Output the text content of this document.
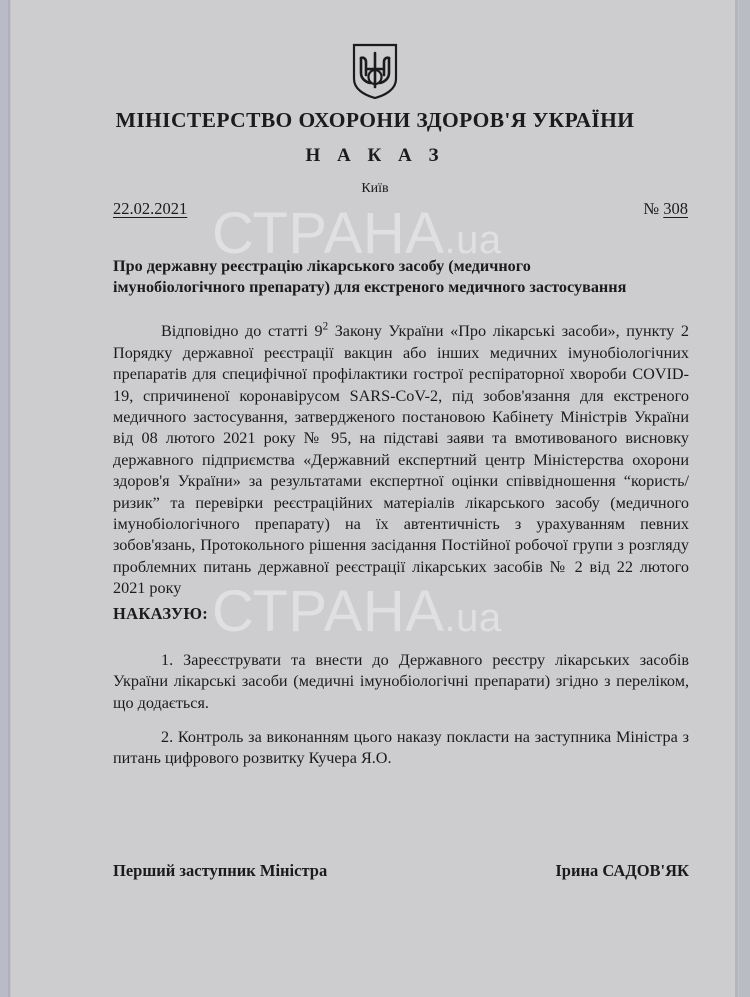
СТРАНА.ua
СТРАНА.ua
МІНІСТЕРСТВО ОХОРОНИ ЗДОРОВ'Я УКРАЇНИ
Н А К А З
Київ
22.02.2021	№ 308
Про державну реєстрацію лікарського засобу (медичного
імунобіологічного препарату) для екстреного медичного застосування
Відповідно до статті $9^2$ Закону України «Про лікарські засоби», пункту 2 Порядку державної реєстрації вакцин або інших медичних імунобіологічних препаратів для специфічної профілактики гострої респіраторної хвороби COVID-19, спричиненої коронавірусом SARS-CoV-2, під зобов'язання для екстреного медичного застосування, затвердженого постановою Кабінету Міністрів України від 08 лютого 2021 року № 95, на підставі заяви та вмотивованого висновку державного підприємства «Державний експертний центр Міністерства охорони здоров'я України» за результатами експертної оцінки співвідношення “користь/ризик” та перевірки реєстраційних матеріалів лікарського засобу (медичного імунобіологічного препарату) на їх автентичність з урахуванням певних зобов'язань, Протокольного рішення засідання Постійної робочої групи з розгляду проблемних питань державної реєстрації лікарських засобів № 2 від 22 лютого 2021 року
НАКАЗУЮ:
1. Зареєструвати та внести до Державного реєстру лікарських засобів України лікарські засоби (медичні імунобіологічні препарати) згідно з переліком, що додається.
2. Контроль за виконанням цього наказу покласти на заступника Міністра з питань цифрового розвитку Кучера Я.О.
Перший заступник Міністра	Ірина САДОВ'ЯК
